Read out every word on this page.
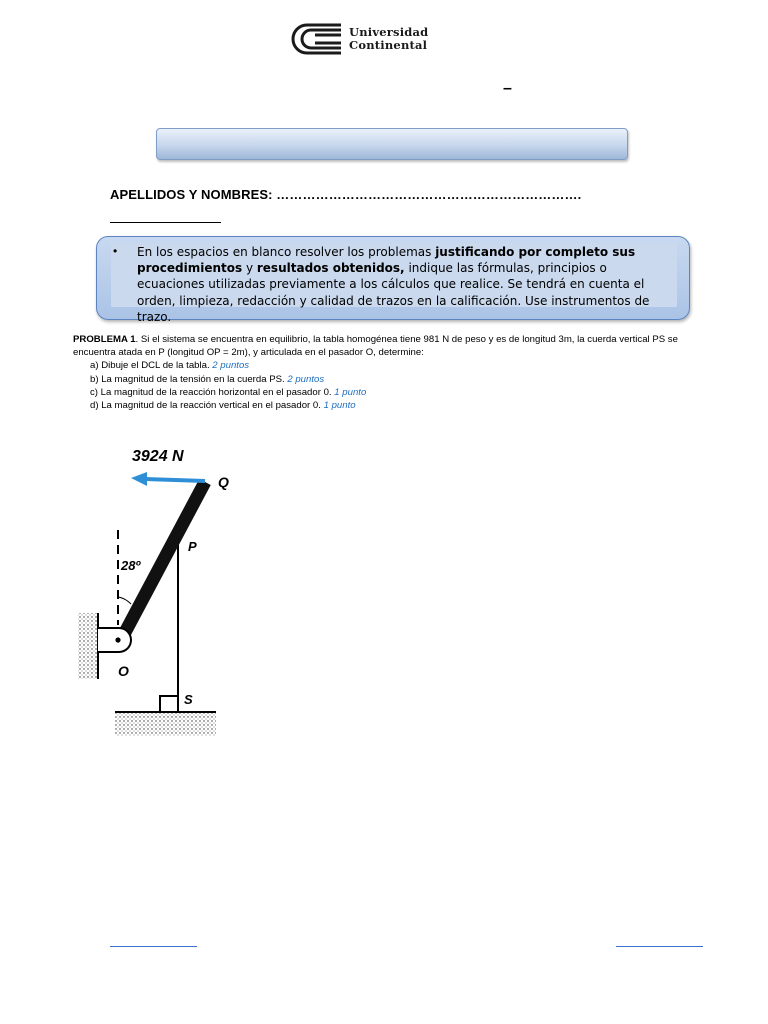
Universidad
Continental
–
APELLIDOS Y NOMBRES: …………………………………………………………….
• En los espacios en blanco resolver los problemas justificando por completo sus procedimientos y resultados obtenidos, indique las fórmulas, principios o ecuaciones utilizadas previamente a los cálculos que realice. Se tendrá en cuenta el orden, limpieza, redacción y calidad de trazos en la calificación. Use instrumentos de trazo.
PROBLEMA 1. Si el sistema se encuentra en equilibrio, la tabla homogénea tiene 981 N de peso y es de longitud 3m, la cuerda vertical PS se encuentra atada en P (longitud OP = 2m), y articulada en el pasador O, determine:
a) Dibuje el DCL de la tabla. 2 puntos
b) La magnitud de la tensión en la cuerda PS. 2 puntos
c) La magnitud de la reacción horizontal en el pasador 0. 1 punto
d) La magnitud de la reacción vertical en el pasador 0. 1 punto
3924 N
Q
P
28º
O
S
